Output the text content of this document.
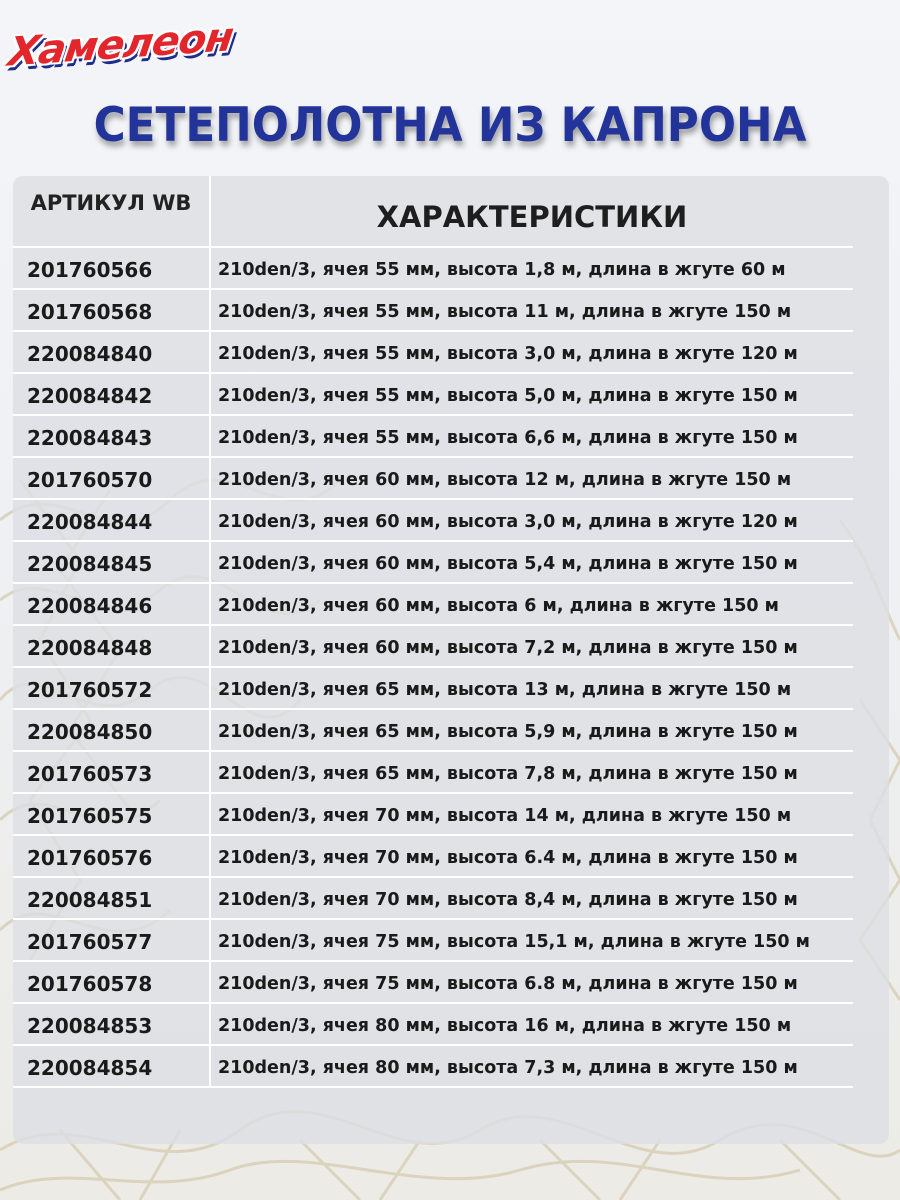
Хамелеон
СЕТЕПОЛОТНА ИЗ КАПРОНА
АРТИКУЛ WB	ХАРАКТЕРИСТИКИ
201760566	210den/3, ячея 55 мм, высота 1,8 м, длина в жгуте 60 м
201760568	210den/3, ячея 55 мм, высота 11 м, длина в жгуте 150 м
220084840	210den/3, ячея 55 мм, высота 3,0 м, длина в жгуте 120 м
220084842	210den/3, ячея 55 мм, высота 5,0 м, длина в жгуте 150 м
220084843	210den/3, ячея 55 мм, высота 6,6 м, длина в жгуте 150 м
201760570	210den/3, ячея 60 мм, высота 12 м, длина в жгуте 150 м
220084844	210den/3, ячея 60 мм, высота 3,0 м, длина в жгуте 120 м
220084845	210den/3, ячея 60 мм, высота 5,4 м, длина в жгуте 150 м
220084846	210den/3, ячея 60 мм, высота 6 м, длина в жгуте 150 м
220084848	210den/3, ячея 60 мм, высота 7,2 м, длина в жгуте 150 м
201760572	210den/3, ячея 65 мм, высота 13 м, длина в жгуте 150 м
220084850	210den/3, ячея 65 мм, высота 5,9 м, длина в жгуте 150 м
201760573	210den/3, ячея 65 мм, высота 7,8 м, длина в жгуте 150 м
201760575	210den/3, ячея 70 мм, высота 14 м, длина в жгуте 150 м
201760576	210den/3, ячея 70 мм, высота 6.4 м, длина в жгуте 150 м
220084851	210den/3, ячея 70 мм, высота 8,4 м, длина в жгуте 150 м
201760577	210den/3, ячея 75 мм, высота 15,1 м, длина в жгуте 150 м
201760578	210den/3, ячея 75 мм, высота 6.8 м, длина в жгуте 150 м
220084853	210den/3, ячея 80 мм, высота 16 м, длина в жгуте 150 м
220084854	210den/3, ячея 80 мм, высота 7,3 м, длина в жгуте 150 м
